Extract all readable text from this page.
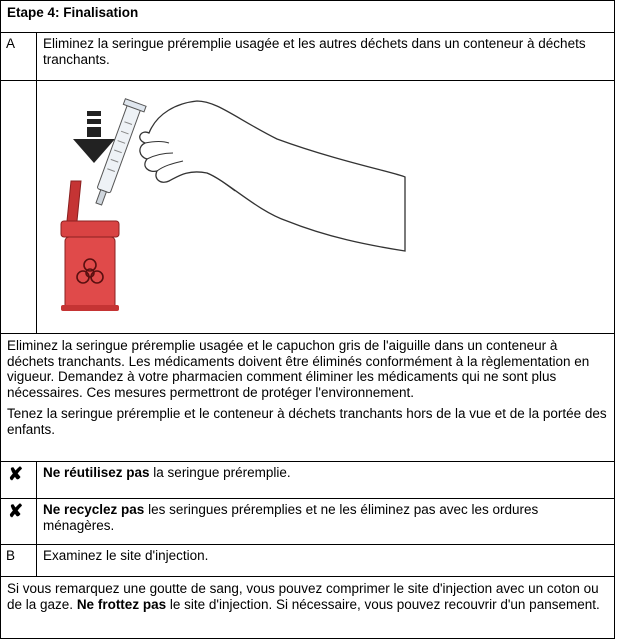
Etape 4: Finalisation

A	Eliminez la seringue préremplie usagée et les autres déchets dans un conteneur à déchets tranchants.

Eliminez la seringue préremplie usagée et le capuchon gris de l'aiguille dans un conteneur à déchets tranchants. Les médicaments doivent être éliminés conformément à la règlementation en vigueur. Demandez à votre pharmacien comment éliminer les médicaments qui ne sont plus nécessaires. Ces mesures permettront de protéger l'environnement.

Tenez la seringue préremplie et le conteneur à déchets tranchants hors de la vue et de la portée des enfants.

✘	Ne réutilisez pas la seringue préremplie.

✘	Ne recyclez pas les seringues préremplies et ne les éliminez pas avec les ordures ménagères.

B	Examinez le site d'injection.

Si vous remarquez une goutte de sang, vous pouvez comprimer le site d'injection avec un coton ou de la gaze. Ne frottez pas le site d'injection. Si nécessaire, vous pouvez recouvrir d'un pansement.
